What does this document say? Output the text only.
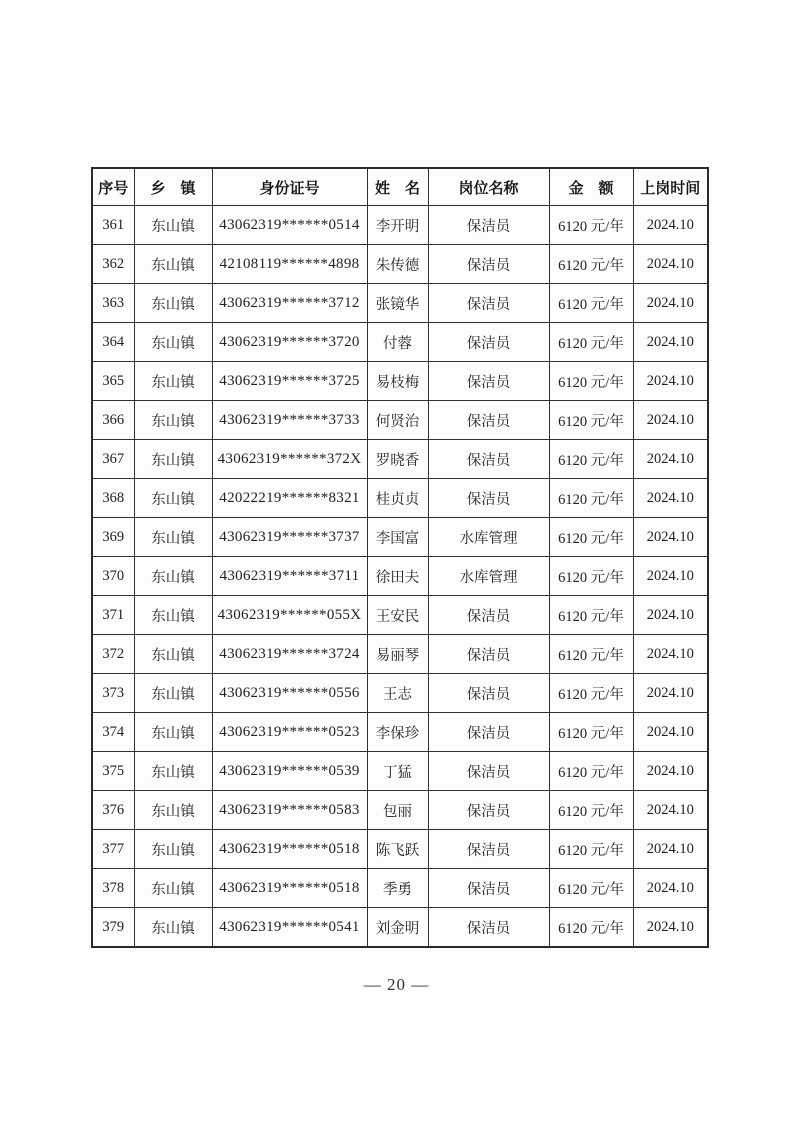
序号	乡　镇	身份证号	姓　名	岗位名称	金　额	上岗时间
361	东山镇	43062319******0514	李开明	保洁员	6120 元/年	2024.10
362	东山镇	42108119******4898	朱传德	保洁员	6120 元/年	2024.10
363	东山镇	43062319******3712	张镜华	保洁员	6120 元/年	2024.10
364	东山镇	43062319******3720	付蓉	保洁员	6120 元/年	2024.10
365	东山镇	43062319******3725	易枝梅	保洁员	6120 元/年	2024.10
366	东山镇	43062319******3733	何贤治	保洁员	6120 元/年	2024.10
367	东山镇	43062319******372X	罗晓香	保洁员	6120 元/年	2024.10
368	东山镇	42022219******8321	桂贞贞	保洁员	6120 元/年	2024.10
369	东山镇	43062319******3737	李国富	水库管理	6120 元/年	2024.10
370	东山镇	43062319******3711	徐田夫	水库管理	6120 元/年	2024.10
371	东山镇	43062319******055X	王安民	保洁员	6120 元/年	2024.10
372	东山镇	43062319******3724	易丽琴	保洁员	6120 元/年	2024.10
373	东山镇	43062319******0556	王志	保洁员	6120 元/年	2024.10
374	东山镇	43062319******0523	李保珍	保洁员	6120 元/年	2024.10
375	东山镇	43062319******0539	丁猛	保洁员	6120 元/年	2024.10
376	东山镇	43062319******0583	包丽	保洁员	6120 元/年	2024.10
377	东山镇	43062319******0518	陈飞跃	保洁员	6120 元/年	2024.10
378	东山镇	43062319******0518	季勇	保洁员	6120 元/年	2024.10
379	东山镇	43062319******0541	刘金明	保洁员	6120 元/年	2024.10
— 20 —
